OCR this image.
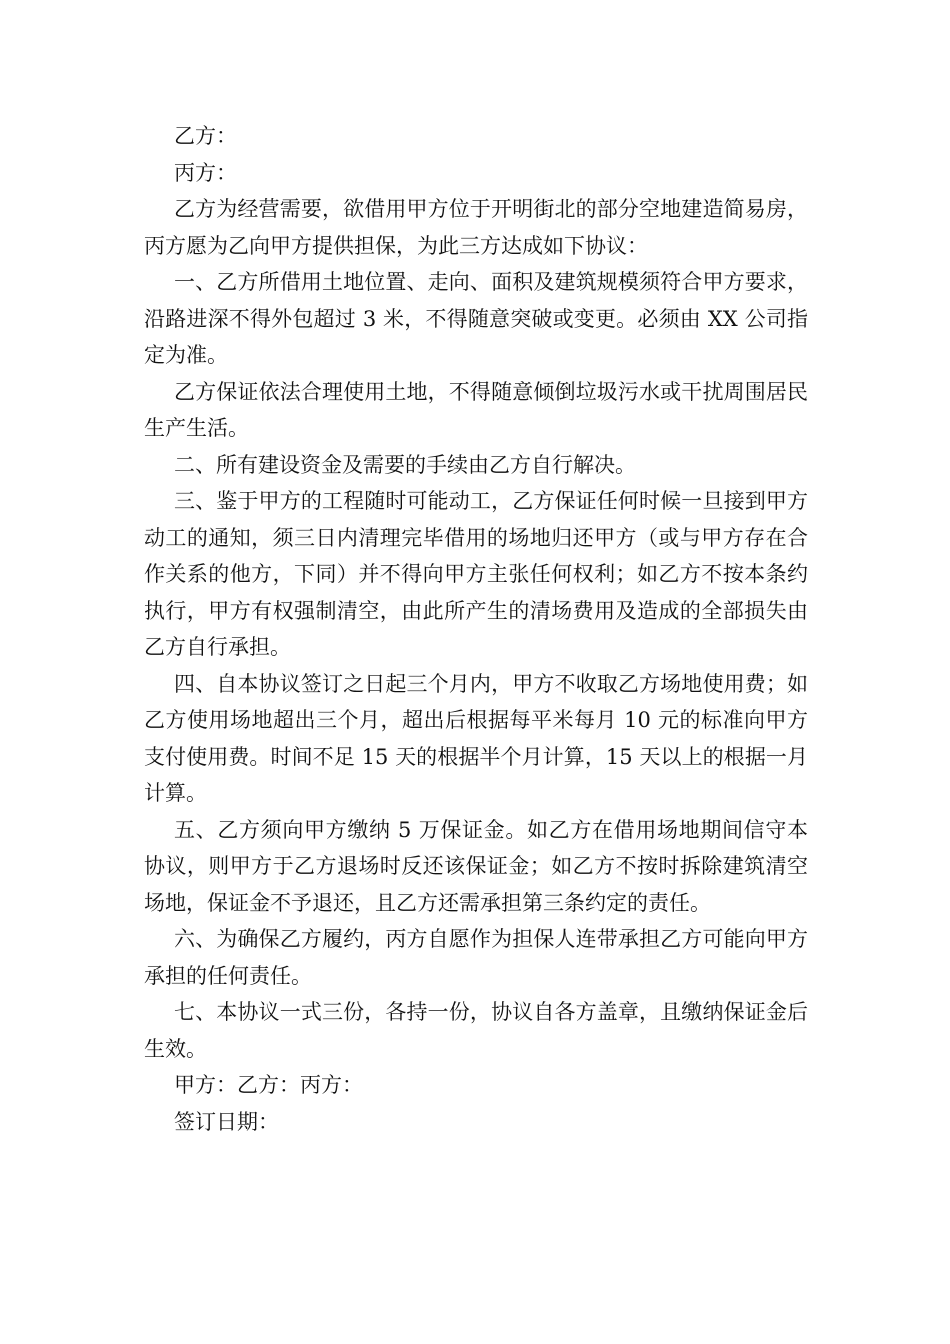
乙方：

丙方：

乙方为经营需要，欲借用甲方位于开明街北的部分空地建造简易房，丙方愿为乙向甲方提供担保，为此三方达成如下协议：

一、乙方所借用土地位置、走向、面积及建筑规模须符合甲方要求，沿路进深不得外包超过 3 米，不得随意突破或变更。必须由 XX 公司指定为准。

乙方保证依法合理使用土地，不得随意倾倒垃圾污水或干扰周围居民生产生活。

二、所有建设资金及需要的手续由乙方自行解决。

三、鉴于甲方的工程随时可能动工，乙方保证任何时候一旦接到甲方动工的通知，须三日内清理完毕借用的场地归还甲方（或与甲方存在合作关系的他方，下同）并不得向甲方主张任何权利；如乙方不按本条约执行，甲方有权强制清空，由此所产生的清场费用及造成的全部损失由乙方自行承担。

四、自本协议签订之日起三个月内，甲方不收取乙方场地使用费；如乙方使用场地超出三个月，超出后根据每平米每月 10 元的标准向甲方支付使用费。时间不足 15 天的根据半个月计算，15 天以上的根据一月计算。

五、乙方须向甲方缴纳 5 万保证金。如乙方在借用场地期间信守本协议，则甲方于乙方退场时反还该保证金；如乙方不按时拆除建筑清空场地，保证金不予退还，且乙方还需承担第三条约定的责任。

六、为确保乙方履约，丙方自愿作为担保人连带承担乙方可能向甲方承担的任何责任。

七、本协议一式三份，各持一份，协议自各方盖章，且缴纳保证金后生效。

甲方：乙方：丙方：

签订日期：
